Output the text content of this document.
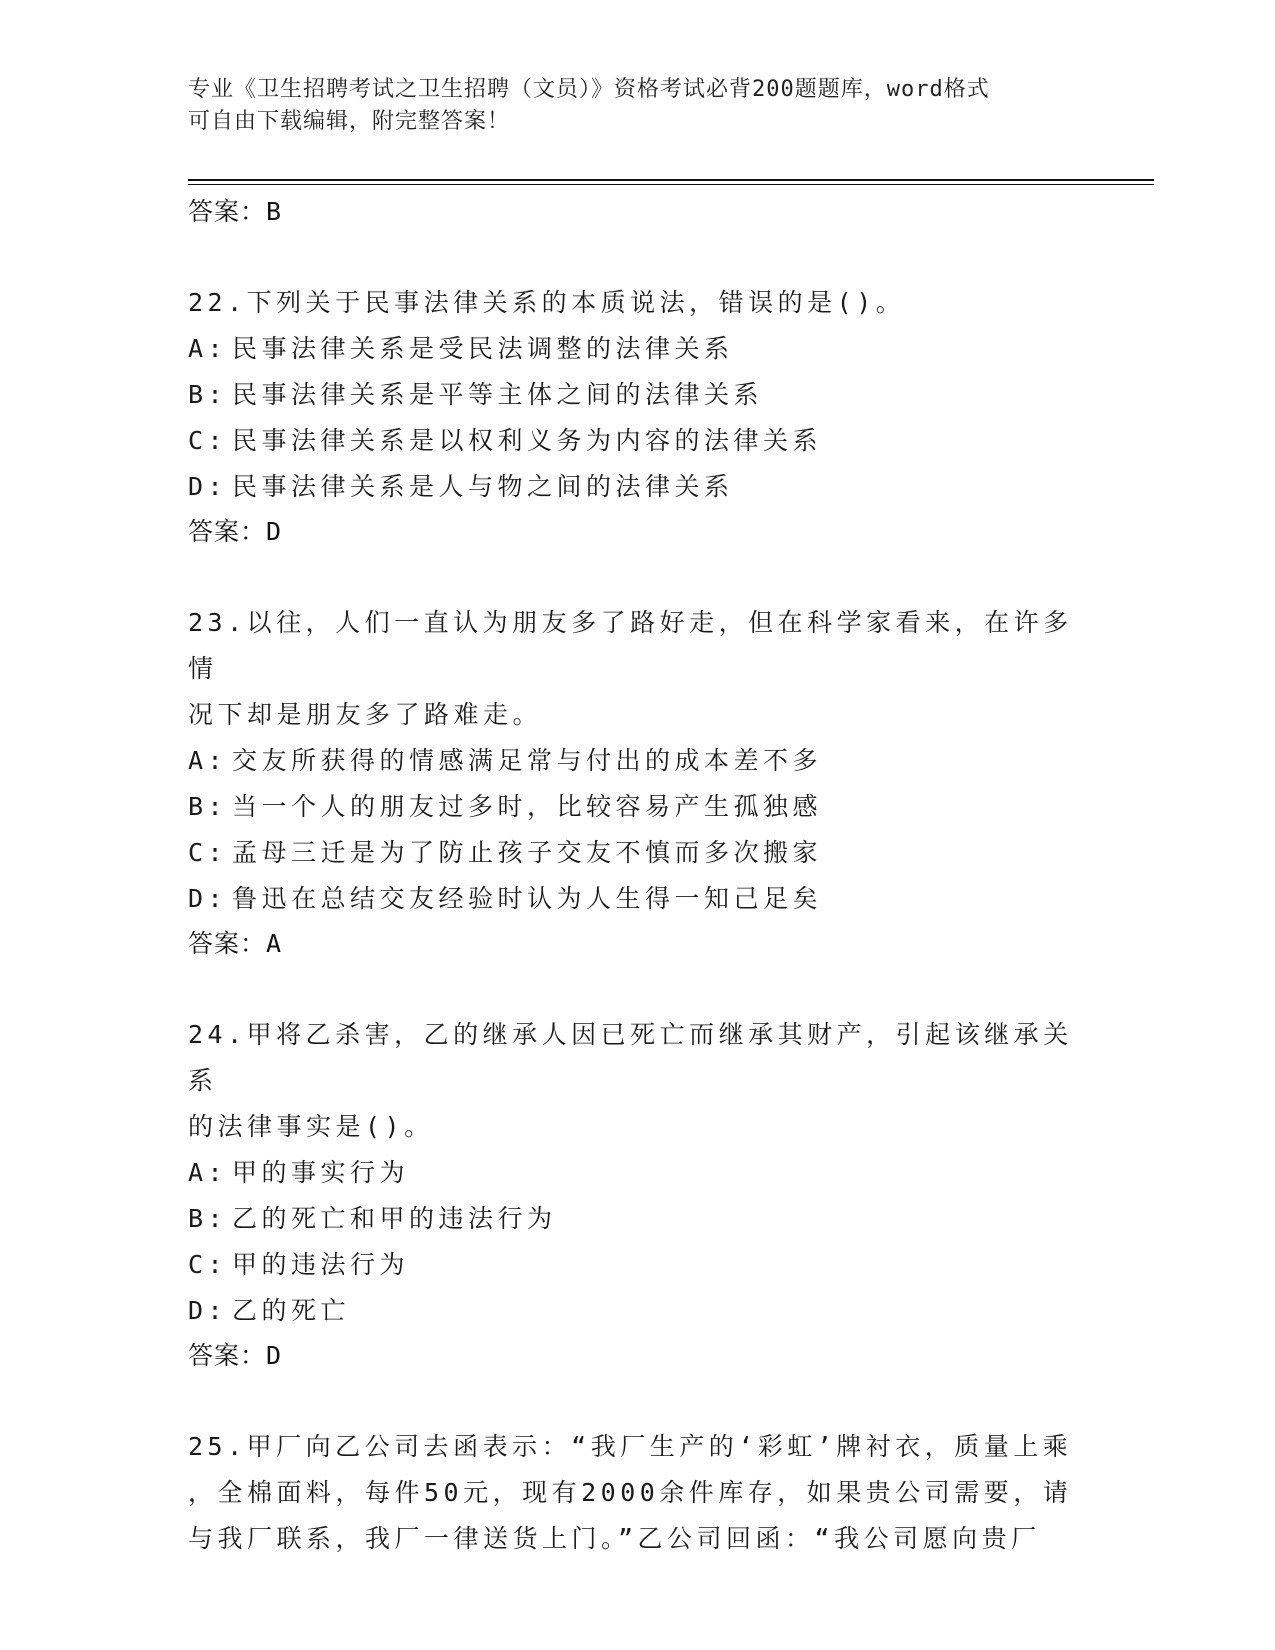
专业《卫生招聘考试之卫生招聘（文员）》资格考试必背200题题库，word格式
可自由下载编辑，附完整答案！
答案：B
22.下列关于民事法律关系的本质说法，错误的是()。
A: 民事法律关系是受民法调整的法律关系
B: 民事法律关系是平等主体之间的法律关系
C: 民事法律关系是以权利义务为内容的法律关系
D: 民事法律关系是人与物之间的法律关系
答案：D
23.以往，人们一直认为朋友多了路好走，但在科学家看来，在许多情
况下却是朋友多了路难走。
A: 交友所获得的情感满足常与付出的成本差不多
B: 当一个人的朋友过多时，比较容易产生孤独感
C: 孟母三迁是为了防止孩子交友不慎而多次搬家
D: 鲁迅在总结交友经验时认为人生得一知己足矣
答案：A
24.甲将乙杀害，乙的继承人因已死亡而继承其财产，引起该继承关系
的法律事实是()。
A: 甲的事实行为
B: 乙的死亡和甲的违法行为
C: 甲的违法行为
D: 乙的死亡
答案：D
25.甲厂向乙公司去函表示：“我厂生产的‘彩虹’牌衬衣，质量上乘
，全棉面料，每件50元，现有2000余件库存，如果贵公司需要，请
与我厂联系，我厂一律送货上门。”乙公司回函：“我公司愿向贵厂
